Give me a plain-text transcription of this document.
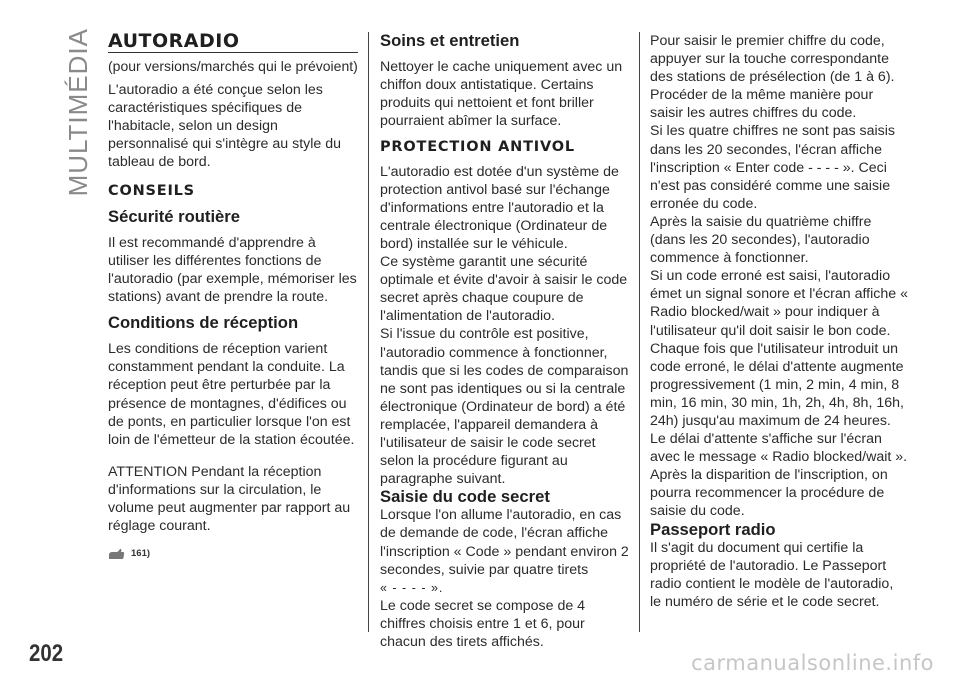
MULTIMÉDIA AUTORADIO

(pour versions/marchés qui le prévoient)

L'autoradio a été conçue selon les caractéristiques spécifiques de l'habitacle, selon un design personnalisé qui s'intègre au style du tableau de bord.

CONSEILS
Sécurité routière

Il est recommandé d'apprendre à utiliser les différentes fonctions de l'autoradio (par exemple, mémoriser les stations) avant de prendre la route.

Conditions de réception

Les conditions de réception varient constamment pendant la conduite. La réception peut être perturbée par la présence de montagnes, d'édifices ou de ponts, en particulier lorsque l'on est loin de l'émetteur de la station écoutée.

ATTENTION Pendant la réception d'informations sur la circulation, le volume peut augmenter par rapport au réglage courant.

161)
Soins et entretien

Nettoyer le cache uniquement avec un chiffon doux antistatique. Certains produits qui nettoient et font briller pourraient abîmer la surface.

PROTECTION ANTIVOL

L'autoradio est dotée d'un système de protection antivol basé sur l'échange d'informations entre l'autoradio et la centrale électronique (Ordinateur de bord) installée sur le véhicule.

Ce système garantit une sécurité optimale et évite d'avoir à saisir le code secret après chaque coupure de l'alimentation de l'autoradio.

Si l'issue du contrôle est positive, l'autoradio commence à fonctionner, tandis que si les codes de comparaison ne sont pas identiques ou si la centrale électronique (Ordinateur de bord) a été remplacée, l'appareil demandera à l'utilisateur de saisir le code secret selon la procédure figurant au paragraphe suivant.

Saisie du code secret

Lorsque l'on allume l'autoradio, en cas de demande de code, l'écran affiche l'inscription « Code » pendant environ 2 secondes, suivie par quatre tirets

« - - - - ».

Le code secret se compose de 4 chiffres choisis entre 1 et 6, pour chacun des tirets affichés.

Pour saisir le premier chiffre du code, appuyer sur la touche correspondante des stations de présélection (de 1 à 6). Procéder de la même manière pour saisir les autres chiffres du code.

Si les quatre chiffres ne sont pas saisis dans les 20 secondes, l'écran affiche l'inscription « Enter code - - - - ». Ceci n'est pas considéré comme une saisie erronée du code.

Après la saisie du quatrième chiffre (dans les 20 secondes), l'autoradio commence à fonctionner.

Si un code erroné est saisi, l'autoradio émet un signal sonore et l'écran affiche « Radio blocked/wait » pour indiquer à l'utilisateur qu'il doit saisir le bon code.

Chaque fois que l'utilisateur introduit un code erroné, le délai d'attente augmente progressivement (1 min, 2 min, 4 min, 8 min, 16 min, 30 min, 1h, 2h, 4h, 8h, 16h, 24h) jusqu'au maximum de 24 heures. Le délai d'attente s'affiche sur l'écran avec le message « Radio blocked/wait ». Après la disparition de l'inscription, on pourra recommencer la procédure de saisie du code.

Passeport radio

Il s'agit du document qui certifie la propriété de l'autoradio. Le Passeport radio contient le modèle de l'autoradio, le numéro de série et le code secret.

202	carmanualsonline.info
